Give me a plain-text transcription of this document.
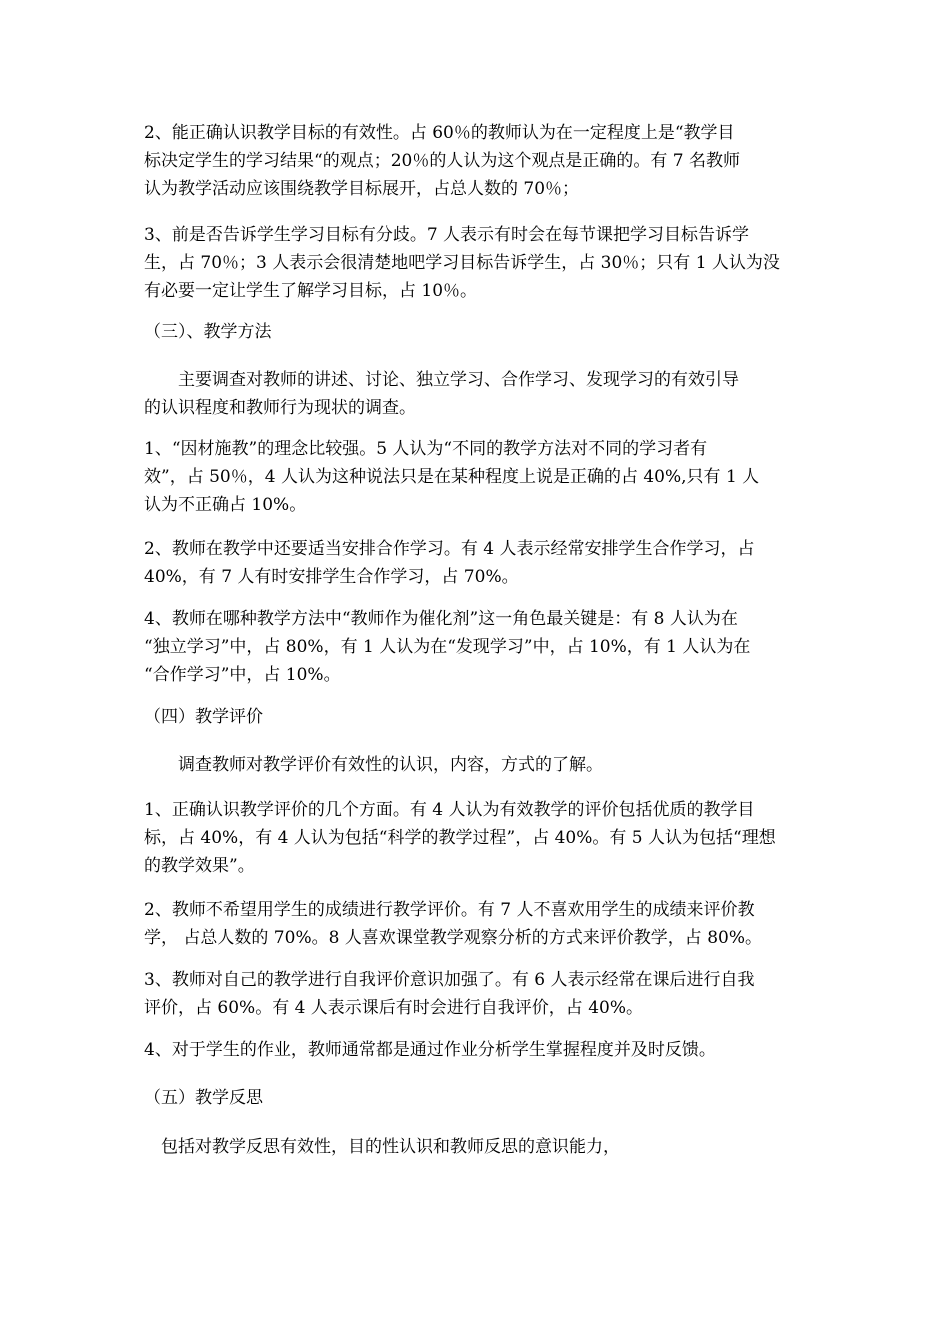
2、能正确认识教学目标的有效性。占 60％的教师认为在一定程度上是“教学目
标决定学生的学习结果“的观点；20％的人认为这个观点是正确的。有 7 名教师
认为教学活动应该围绕教学目标展开，占总人数的 70％；
3、前是否告诉学生学习目标有分歧。7 人表示有时会在每节课把学习目标告诉学
生，占 70％；3 人表示会很清楚地吧学习目标告诉学生，占 30％；只有 1 人认为没
有必要一定让学生了解学习目标，占 10％。
（三）、教学方法
　　主要调查对教师的讲述、讨论、独立学习、合作学习、发现学习的有效引导
的认识程度和教师行为现状的调查。
1、“因材施教”的理念比较强。5 人认为“不同的教学方法对不同的学习者有
效”，占 50％，4 人认为这种说法只是在某种程度上说是正确的占 40%,只有 1 人
认为不正确占 10%。
2、教师在教学中还要适当安排合作学习。有 4 人表示经常安排学生合作学习，占
40%，有 7 人有时安排学生合作学习，占 70%。
4、教师在哪种教学方法中“教师作为催化剂”这一角色最关键是：有 8 人认为在
“独立学习”中，占 80%，有 1 人认为在“发现学习”中，占 10%，有 1 人认为在
“合作学习”中，占 10%。
（四）教学评价
　　调查教师对教学评价有效性的认识，内容，方式的了解。
1、正确认识教学评价的几个方面。有 4 人认为有效教学的评价包括优质的教学目
标，占 40%，有 4 人认为包括“科学的教学过程”，占 40%。有 5 人认为包括“理想
的教学效果”。
2、教师不希望用学生的成绩进行教学评价。有 7 人不喜欢用学生的成绩来评价教
学， 占总人数的 70%。8 人喜欢课堂教学观察分析的方式来评价教学，占 80%。
3、教师对自己的教学进行自我评价意识加强了。有 6 人表示经常在课后进行自我
评价，占 60%。有 4 人表示课后有时会进行自我评价，占 40%。
4、对于学生的作业，教师通常都是通过作业分析学生掌握程度并及时反馈。
（五）教学反思
　包括对教学反思有效性，目的性认识和教师反思的意识能力，
